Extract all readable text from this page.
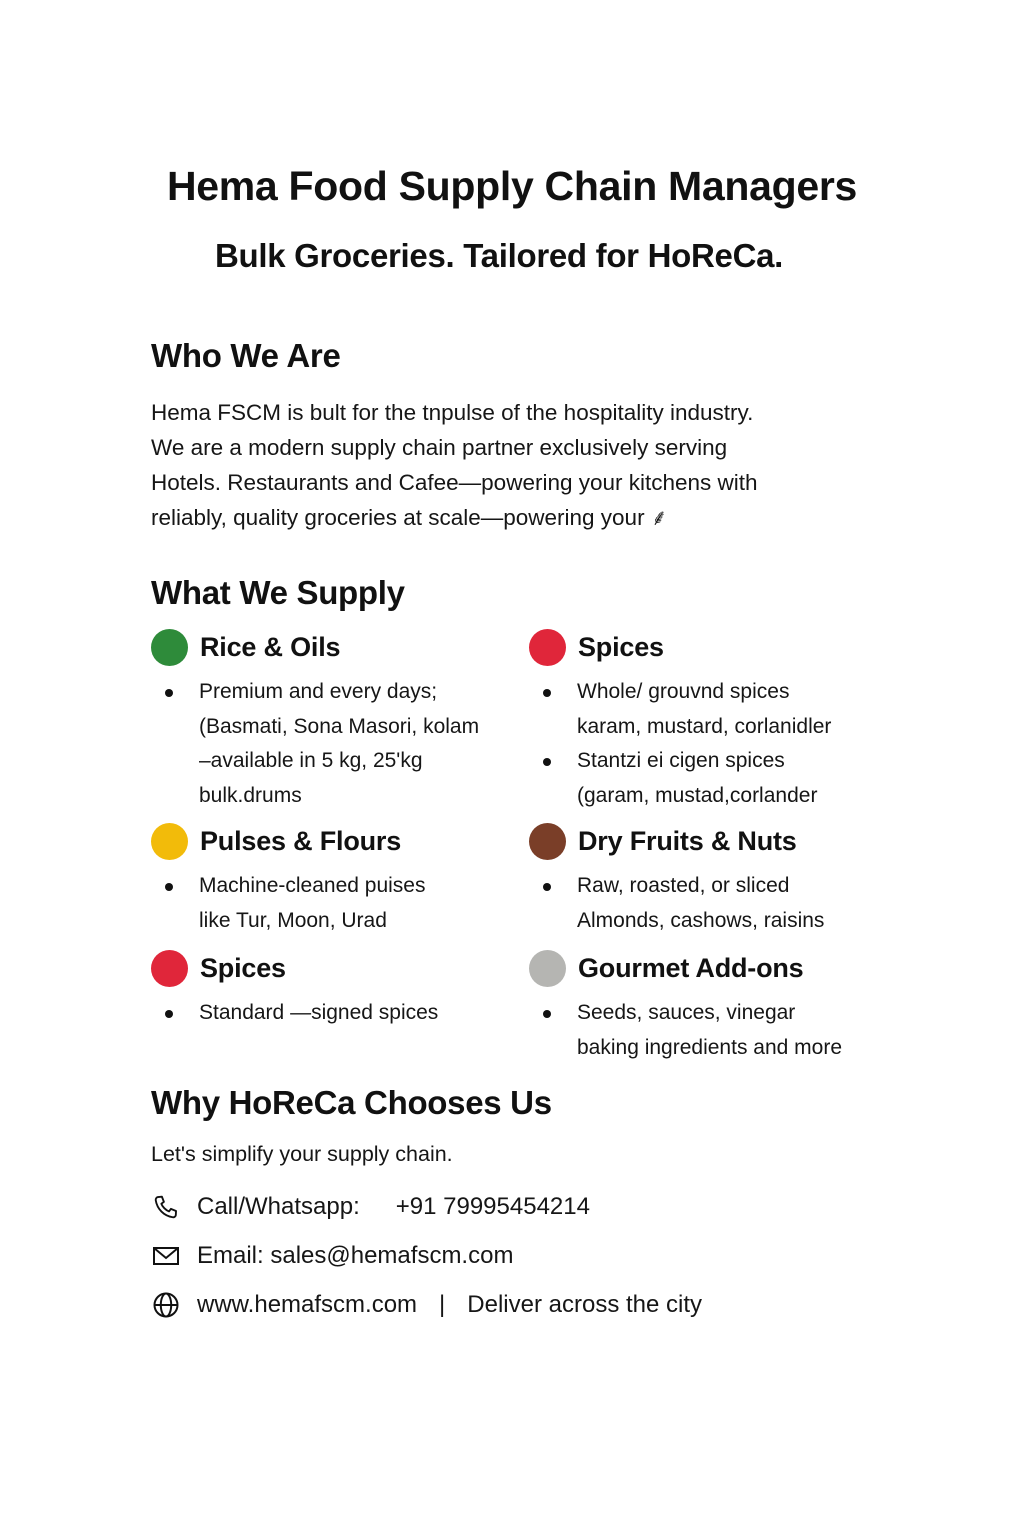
Hema Food Supply Chain Managers
Bulk Groceries. Tailored for HoReCa.
Who We Are
Hema FSCM is bult for the tnpulse of the hospitality industry.
We are a modern supply chain partner exclusively serving
Hotels. Restaurants and Cafee—powering your kitchens with
reliably, quality groceries at scale—powering your ⸙
What We Supply
Rice & Oils
Premium and every days;
(Basmati, Sona Masori, kolam
–available in 5 kg, 25'kg
bulk.drums
Spices
Whole/ grouvnd spices
karam, mustard, corlanidler
Stantzi ei cigen spices
(garam, mustad,corlander
Pulses & Flours
Machine-cleaned puises
like Tur, Moon, Urad
Dry Fruits & Nuts
Raw, roasted, or sliced
Almonds, cashows, raisins
Spices
Standard —signed spices
Gourmet Add-ons
Seeds, sauces, vinegar
baking ingredients and more
Why HoReCa Chooses Us
Let's simplify your supply chain.
Call/Whatsapp: +91 79995454214
Email: sales@hemafscm.com
www.hemafscm.com | Deliver across the city
